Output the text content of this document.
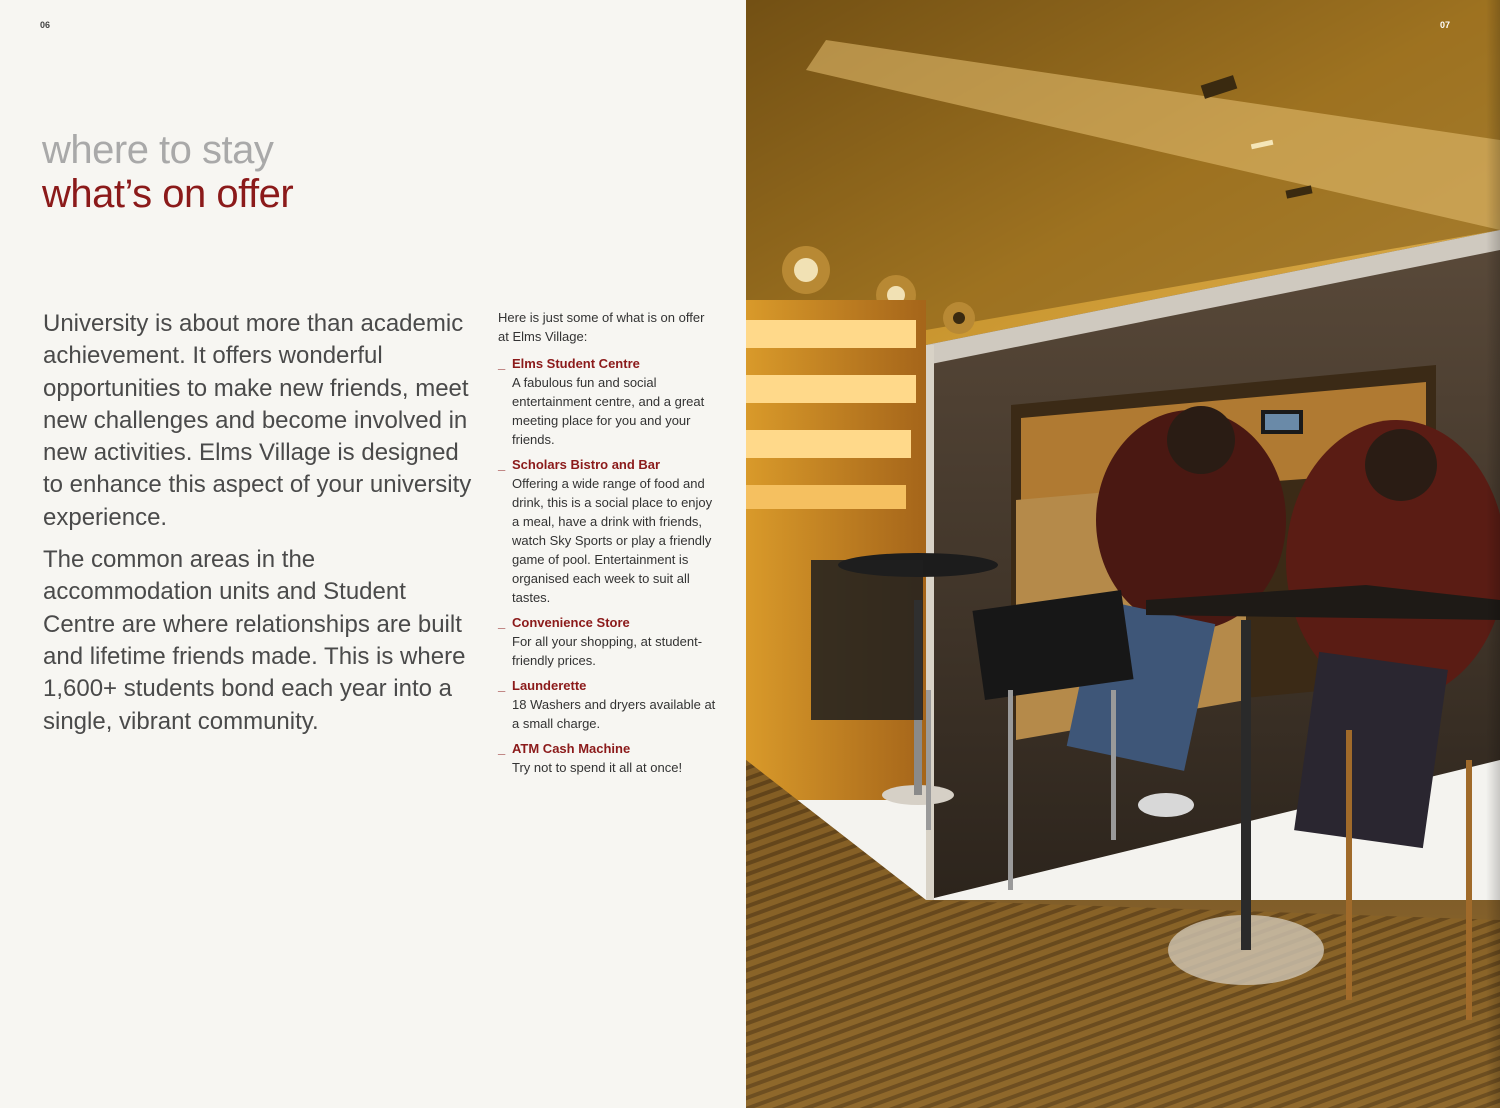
06
where to stay
what’s on offer

University is about more than academic achievement. It offers wonderful opportunities to make new friends, meet new challenges and become involved in new activities. Elms Village is designed to enhance this aspect of your university experience.

The common areas in the accommodation units and Student Centre are where relationships are built and lifetime friends made. This is where 1,600+ students bond each year into a single, vibrant community.

Here is just some of what is on offer at Elms Village:

_ Elms Student Centre
A fabulous fun and social entertainment centre, and a great meeting place for you and your friends.
_ Scholars Bistro and Bar
Offering a wide range of food and drink, this is a social place to enjoy a meal, have a drink with friends, watch Sky Sports or play a friendly game of pool. Entertainment is organised each week to suit all tastes.
_ Convenience Store
For all your shopping, at student-friendly prices.
_ Launderette
18 Washers and dryers available at a small charge.
_ ATM Cash Machine
Try not to spend it all at once!
07
